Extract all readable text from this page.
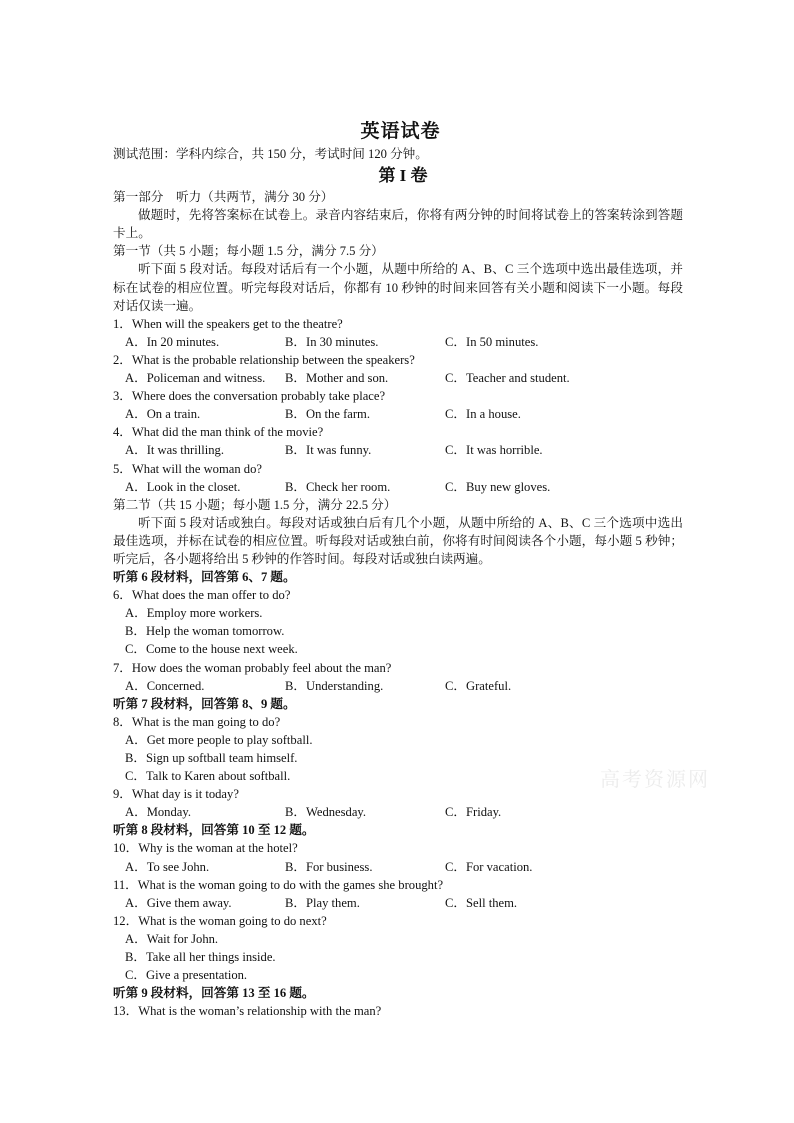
英语试卷
测试范围：学科内综合，共 150 分，考试时间 120 分钟。
第 I 卷
第一部分　听力（共两节，满分 30 分）
做题时，先将答案标在试卷上。录音内容结束后，你将有两分钟的时间将试卷上的答案转涂到答题卡上。
第一节（共 5 小题；每小题 1.5 分，满分 7.5 分）
听下面 5 段对话。每段对话后有一个小题，从题中所给的 A、B、C 三个选项中选出最佳选项，并标在试卷的相应位置。听完每段对话后，你都有 10 秒钟的时间来回答有关小题和阅读下一小题。每段对话仅读一遍。
1．When will the speakers get to the theatre?
A．In 20 minutes.	B．In 30 minutes.	C．In 50 minutes.
2．What is the probable relationship between the speakers?
A．Policeman and witness.	B．Mother and son.	C．Teacher and student.
3．Where does the conversation probably take place?
A．On a train.	B．On the farm.	C．In a house.
4．What did the man think of the movie?
A．It was thrilling.	B．It was funny.	C．It was horrible.
5．What will the woman do?
A．Look in the closet.	B．Check her room.	C．Buy new gloves.
第二节（共 15 小题；每小题 1.5 分，满分 22.5 分）
听下面 5 段对话或独白。每段对话或独白后有几个小题，从题中所给的 A、B、C 三个选项中选出最佳选项，并标在试卷的相应位置。听每段对话或独白前，你将有时间阅读各个小题，每小题 5 秒钟；听完后，各小题将给出 5 秒钟的作答时间。每段对话或独白读两遍。
听第 6 段材料，回答第 6、7 题。
6．What does the man offer to do?
A．Employ more workers.
B．Help the woman tomorrow.
C．Come to the house next week.
7．How does the woman probably feel about the man?
A．Concerned.	B．Understanding.	C．Grateful.
听第 7 段材料，回答第 8、9 题。
8．What is the man going to do?
A．Get more people to play softball.
B．Sign up softball team himself.
C．Talk to Karen about softball.
9．What day is it today?
A．Monday.	B．Wednesday.	C．Friday.
听第 8 段材料，回答第 10 至 12 题。
10．Why is the woman at the hotel?
A．To see John.	B．For business.	C．For vacation.
11．What is the woman going to do with the games she brought?
A．Give them away.	B．Play them.	C．Sell them.
12．What is the woman going to do next?
A．Wait for John.
B．Take all her things inside.
C．Give a presentation.
听第 9 段材料，回答第 13 至 16 题。
13．What is the woman’s relationship with the man?
高考资源网
